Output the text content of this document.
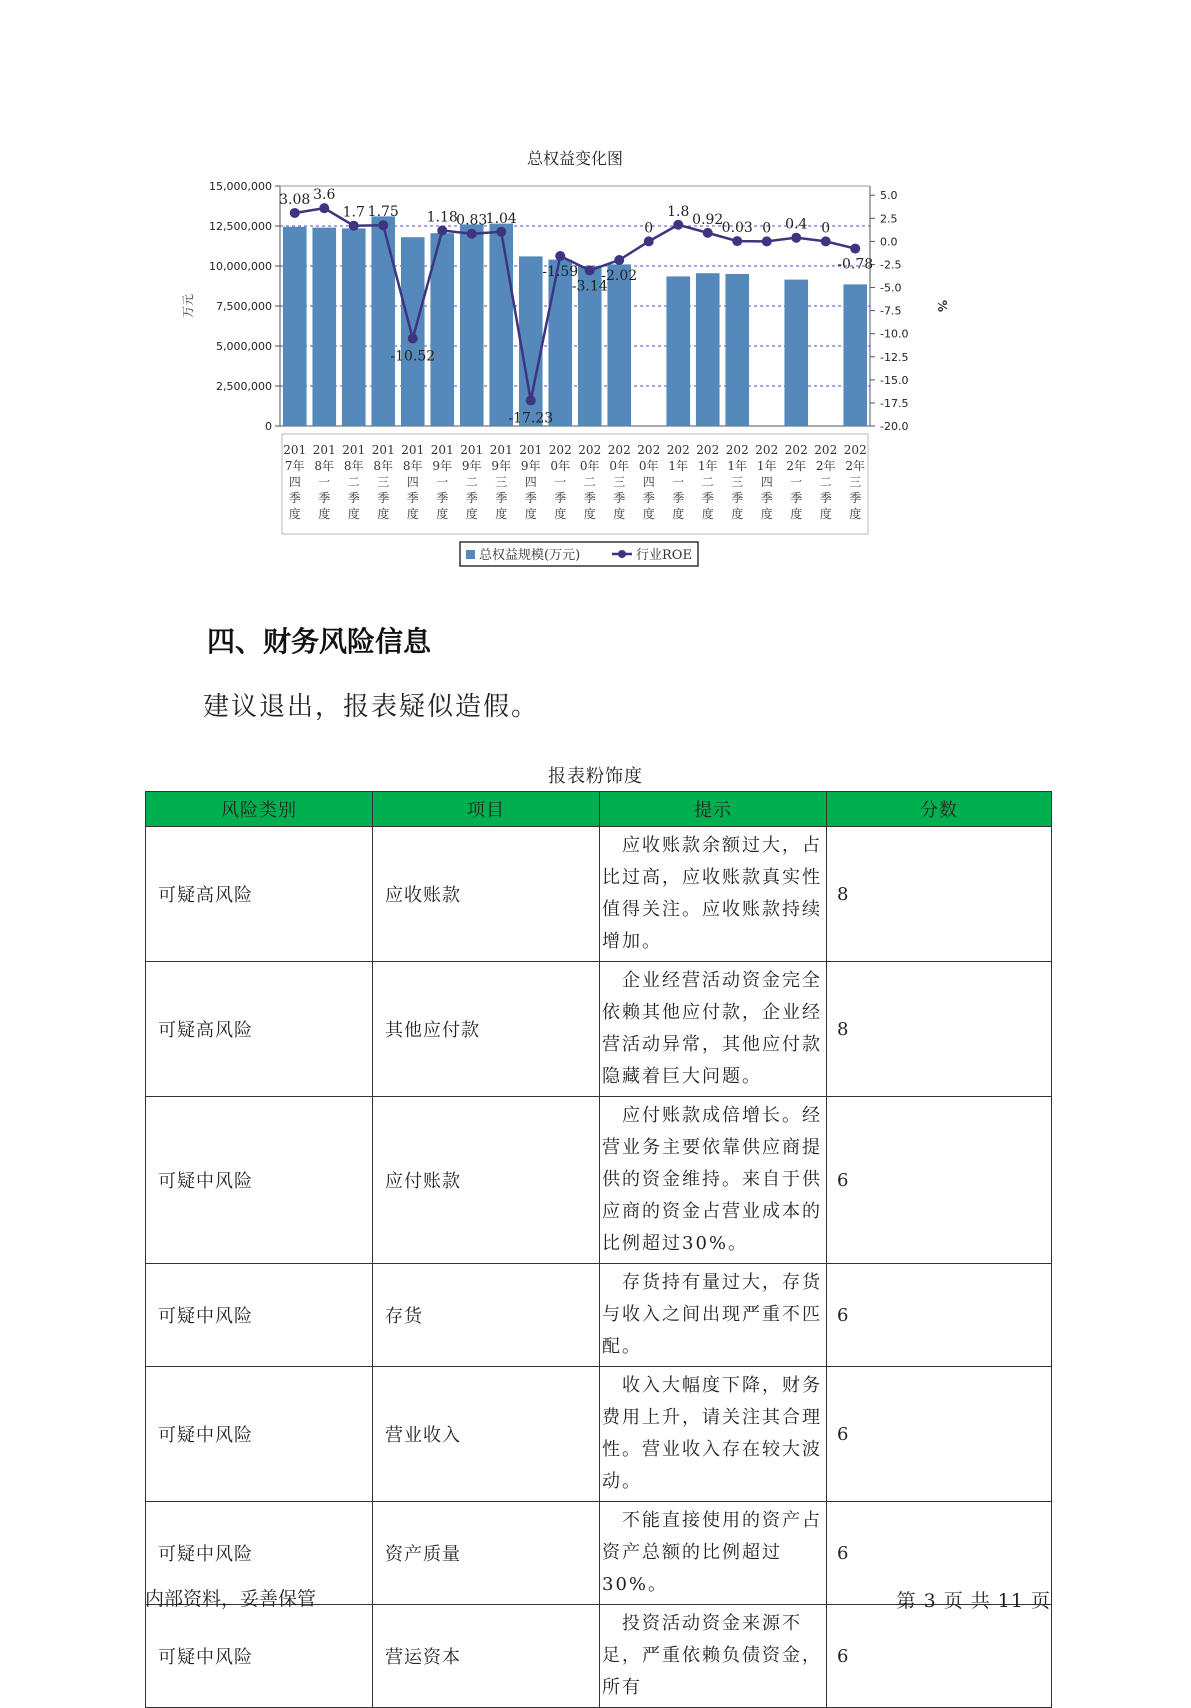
总权益变化图
15,000,000
12,500,000
10,000,000
7,500,000
5,000,000
2,500,000
0
5.0
2.5
0.0
-2.5
-5.0
-7.5
-10.0
-12.5
-15.0
-17.5
-20.0
万元	%
3.08 3.6
1.7 1.75
-10.52
1.18
0.83
1.04
-17.23
-1.59
-3.14
-2.02
0
1.8
0.92
0.03 0 0.4 0
-0.78
201
7年
四
季
度
201
8年
一
季
度
201
8年
二
季
度
201
8年
三
季
度
201
8年
四
季
度
201
9年
一
季
度
201
9年
二
季
度
201
9年
三
季
度
201
9年
四
季
度
202
0年
一
季
度
202
0年
二
季
度
202
0年
三
季
度
202
0年
四
季
度
202
1年
一
季
度
202
1年
二
季
度
202
1年
三
季
度
202
1年
四
季
度
202
2年
一
季
度
202
2年
二
季
度
202
2年
三
季
度
总权益规模(万元)	行业ROE
四、财务风险信息

建议退出，报表疑似造假。

报表粉饰度
风险类别	项目	提示	分数
可疑高风险	应收账款	　应收账款余额过大，占比过高，应收账款真实性值得关注。应收账款持续增加。	8
可疑高风险	其他应付款	　企业经营活动资金完全依赖其他应付款，企业经营活动异常，其他应付款隐藏着巨大问题。	8
可疑中风险	应付账款	　应付账款成倍增长。经营业务主要依靠供应商提供的资金维持。来自于供应商的资金占营业成本的比例超过30%。	6
可疑中风险	存货	　存货持有量过大，存货与收入之间出现严重不匹配。	6
可疑中风险	营业收入	　收入大幅度下降，财务费用上升，请关注其合理性。营业收入存在较大波动。	6
可疑中风险	资产质量	　不能直接使用的资产占资产总额的比例超过30%。	6
可疑中风险	营运资本	　投资活动资金来源不足，严重依赖负债资金，所有	6
内部资料，妥善保管	第 3 页 共 11 页
